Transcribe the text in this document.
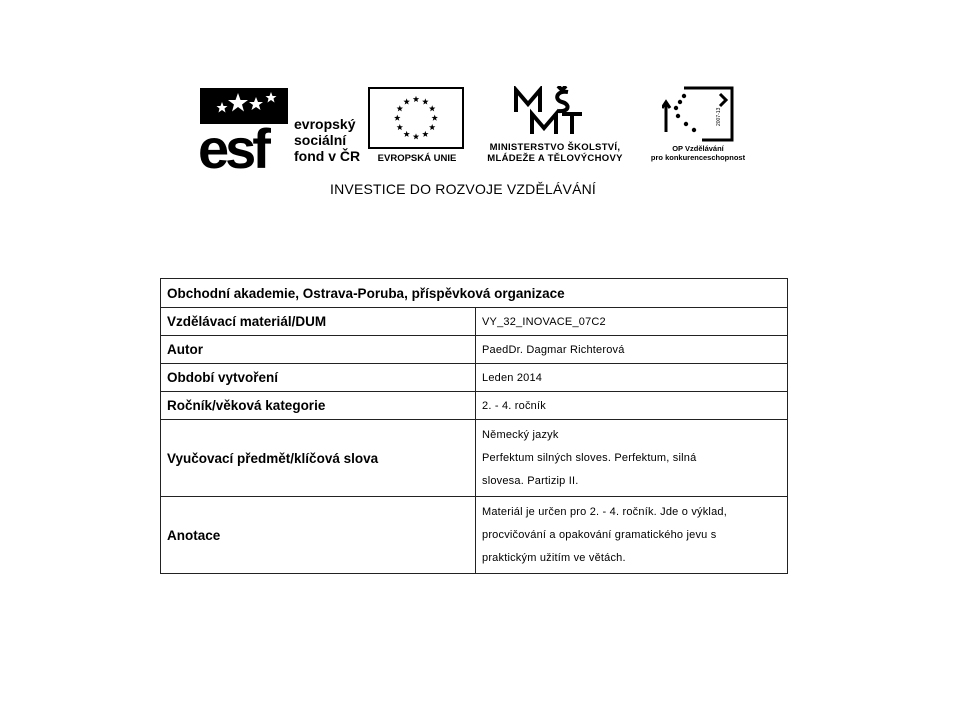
esf	evropský
sociální
fond v ČR	EVROPSKÁ UNIE
MINISTERSTVO ŠKOLSTVÍ,
MLÁDEŽE A TĚLOVÝCHOVY
2007-13
OP Vzdělávání
pro konkurenceschopnost
INVESTICE DO ROZVOJE VZDĚLÁVÁNÍ
Obchodní akademie, Ostrava-Poruba, příspěvková organizace	
Vzdělávací materiál/DUM	VY_32_INOVACE_07C2
Autor	PaedDr. Dagmar Richterová
Období vytvoření	Leden 2014
Ročník/věková kategorie	2. - 4. ročník
Vyučovací předmět/klíčová slova	Německý jazyk
Perfektum silných sloves. Perfektum, silná
slovesa. Partizip II.

Anotace	Materiál je určen pro 2. - 4. ročník. Jde o výklad,
procvičování a opakování gramatického jevu s
praktickým užitím ve větách.
